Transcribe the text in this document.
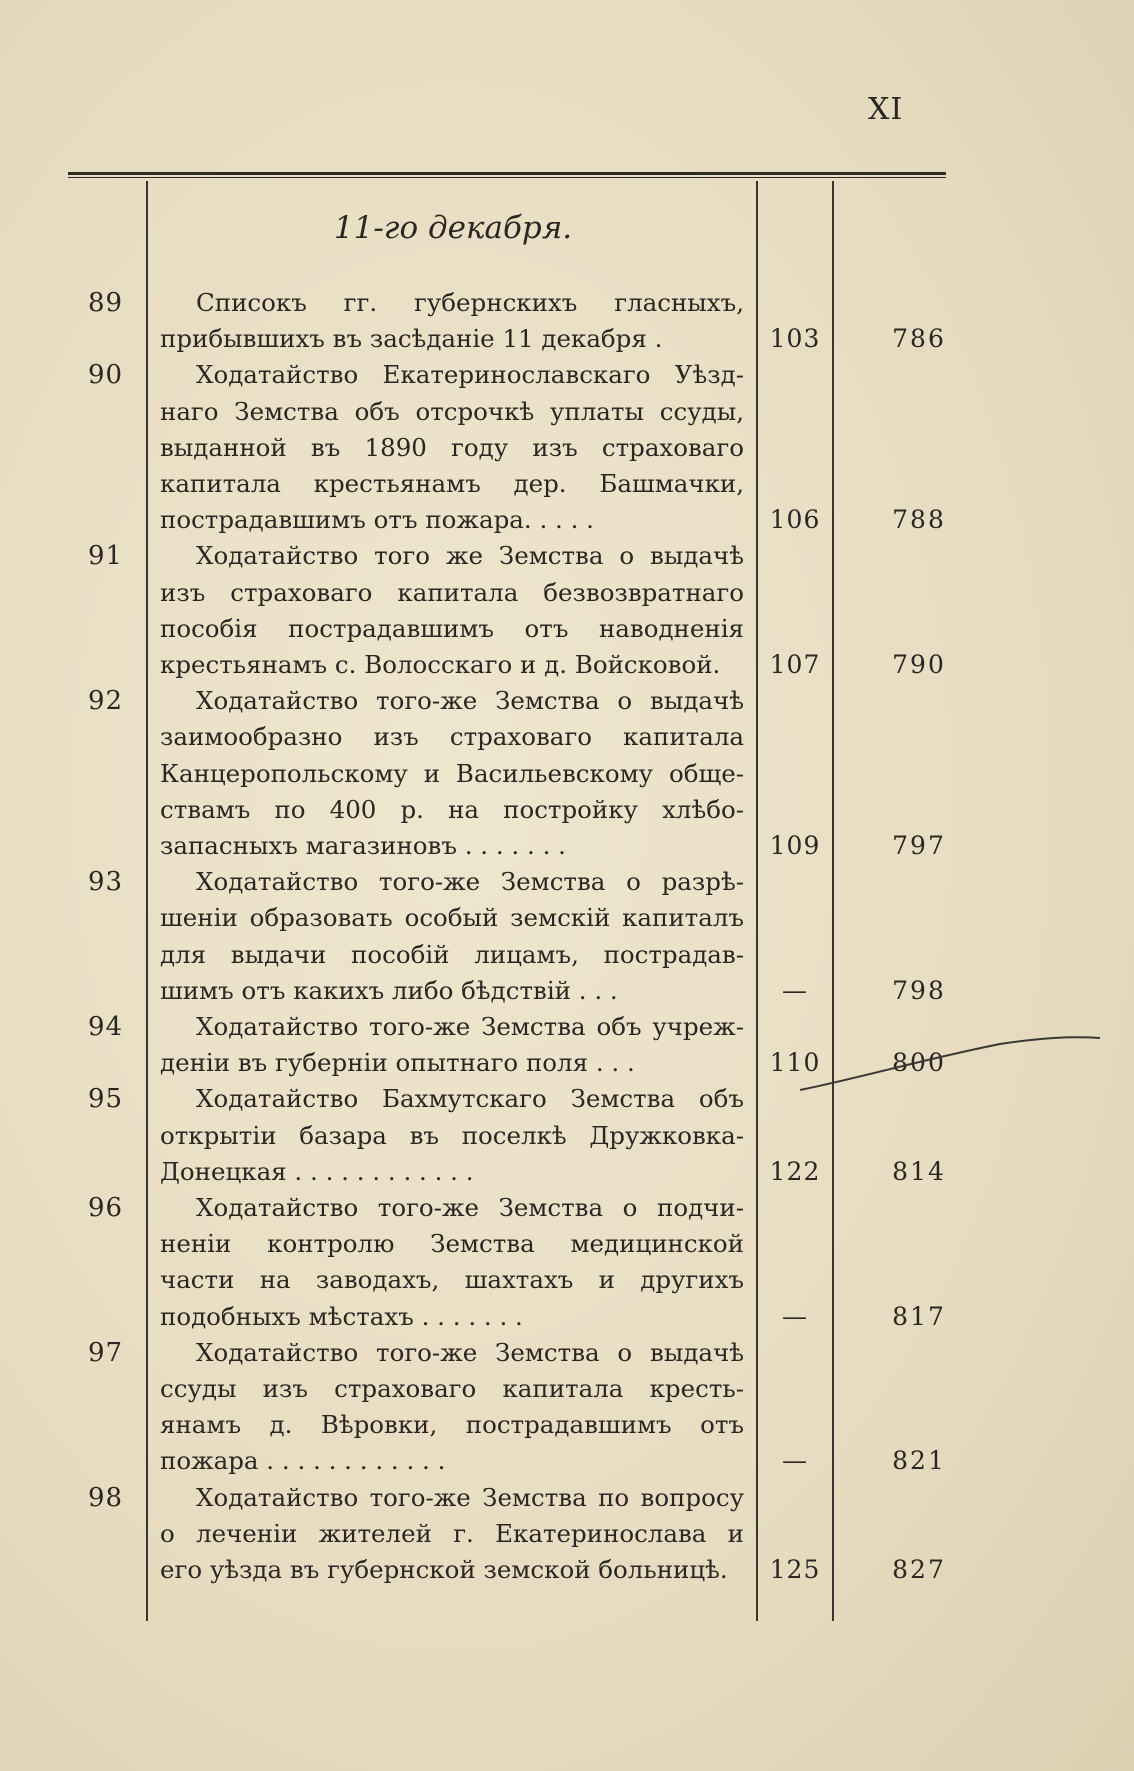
XI
11-го декабря.
89	Списокъ гг. губернскихъ гласныхъ,
прибывшихъ въ засѣданіе 11 декабря .	103	786
90	Ходатайство Екатеринославскаго Уѣзд-
наго Земства объ отсрочкѣ уплаты ссуды,
выданной въ 1890 году изъ страховаго
капитала крестьянамъ дер. Башмачки,
пострадавшимъ отъ пожара. . . . .	106	788
91	Ходатайство того же Земства о выдачѣ
изъ страховаго капитала безвозвратнаго
пособія пострадавшимъ отъ наводненія
крестьянамъ с. Волосскаго и д. Войсковой.	107	790
92	Ходатайство того-же Земства о выдачѣ
заимообразно изъ страховаго капитала
Канцеропольскому и Васильевскому обще-
ствамъ по 400 р. на постройку хлѣбо-
запасныхъ магазиновъ . . . . . . .	109	797
93	Ходатайство того-же Земства о разрѣ-
шеніи образовать особый земскій капиталъ
для выдачи пособій лицамъ, пострадав-
шимъ отъ какихъ либо бѣдствій . . .	—	798
94	Ходатайство того-же Земства объ учреж-
деніи въ губерніи опытнаго поля . . .	110	800
95	Ходатайство Бахмутскаго Земства объ
открытіи базара въ поселкѣ Дружковка-
Донецкая . . . . . . . . . . . .	122	814
96	Ходатайство того-же Земства о подчи-
неніи контролю Земства медицинской
части на заводахъ, шахтахъ и другихъ
подобныхъ мѣстахъ . . . . . . .	—	817
97	Ходатайство того-же Земства о выдачѣ
ссуды изъ страховаго капитала кресть-
янамъ д. Вѣровки, пострадавшимъ отъ
пожара . . . . . . . . . . . .	—	821
98	Ходатайство того-же Земства по вопросу
о леченіи жителей г. Екатеринослава и
его уѣзда въ губернской земской больницѣ.	125	827
